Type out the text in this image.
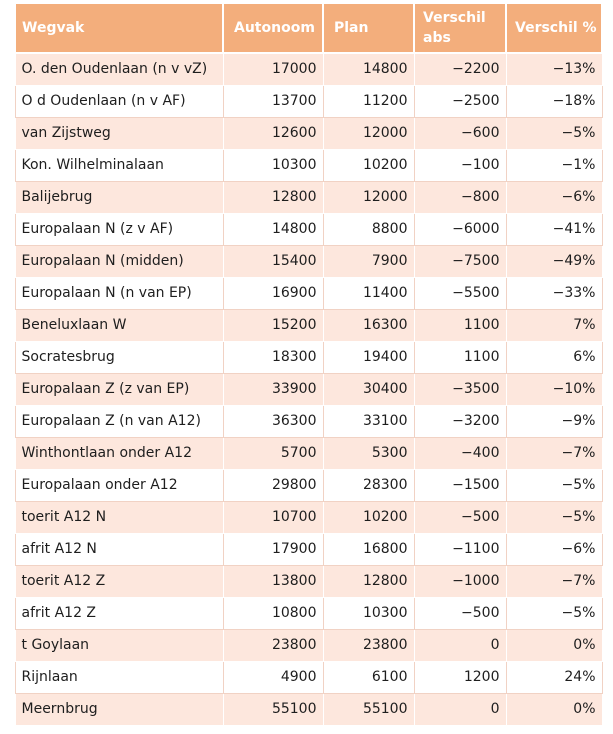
Wegvak	Autonoom	Plan	Verschil abs	Verschil %
O. den Oudenlaan (n v vZ)	17000	14800	−2200	−13%
O d Oudenlaan (n v AF)	13700	11200	−2500	−18%
van Zijstweg	12600	12000	−600	−5%
Kon. Wilhelminalaan	10300	10200	−100	−1%
Balijebrug	12800	12000	−800	−6%
Europalaan N (z v AF)	14800	8800	−6000	−41%
Europalaan N (midden)	15400	7900	−7500	−49%
Europalaan N (n van EP)	16900	11400	−5500	−33%
Beneluxlaan W	15200	16300	1100	7%
Socratesbrug	18300	19400	1100	6%
Europalaan Z (z van EP)	33900	30400	−3500	−10%
Europalaan Z (n van A12)	36300	33100	−3200	−9%
Winthontlaan onder A12	5700	5300	−400	−7%
Europalaan onder A12	29800	28300	−1500	−5%
toerit A12 N	10700	10200	−500	−5%
afrit A12 N	17900	16800	−1100	−6%
toerit A12 Z	13800	12800	−1000	−7%
afrit A12 Z	10800	10300	−500	−5%
t Goylaan	23800	23800	0	0%
Rijnlaan	4900	6100	1200	24%
Meernbrug	55100	55100	0	0%
